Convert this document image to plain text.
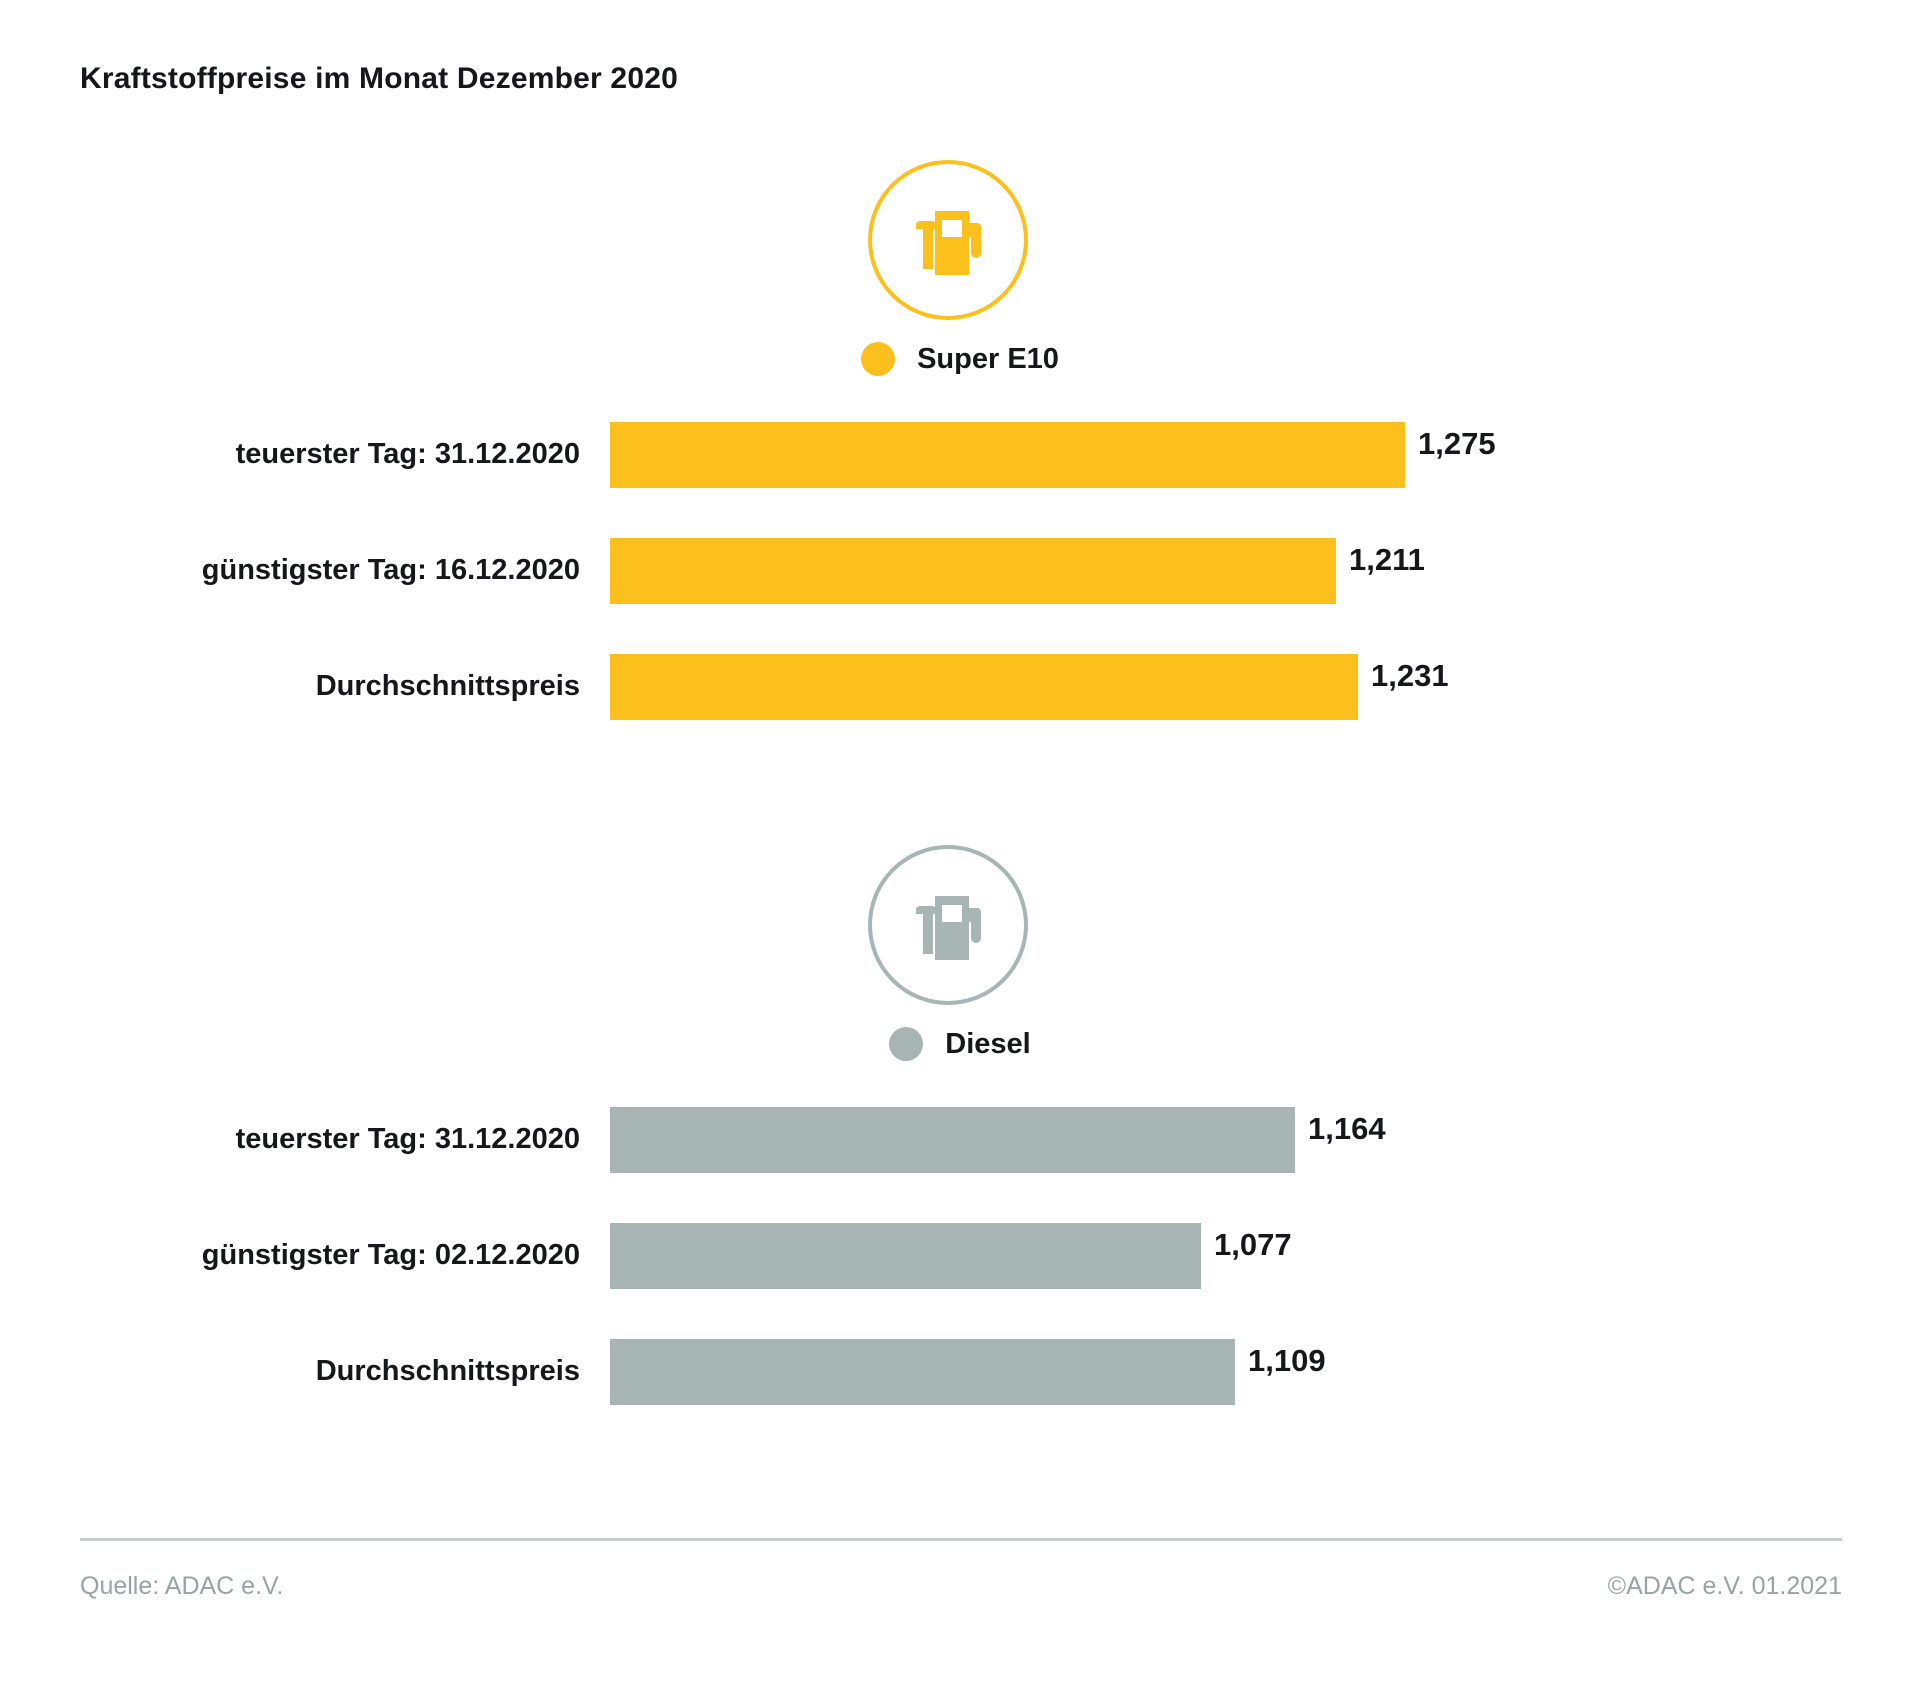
Kraftstoffpreise im Monat Dezember 2020
Super E10
teuerster Tag: 31.12.2020	1,275
günstigster Tag: 16.12.2020	1,211
Durchschnittspreis	1,231
Diesel
teuerster Tag: 31.12.2020	1,164
günstigster Tag: 02.12.2020	1,077
Durchschnittspreis	1,109
Quelle: ADAC e.V.	©ADAC e.V. 01.2021
